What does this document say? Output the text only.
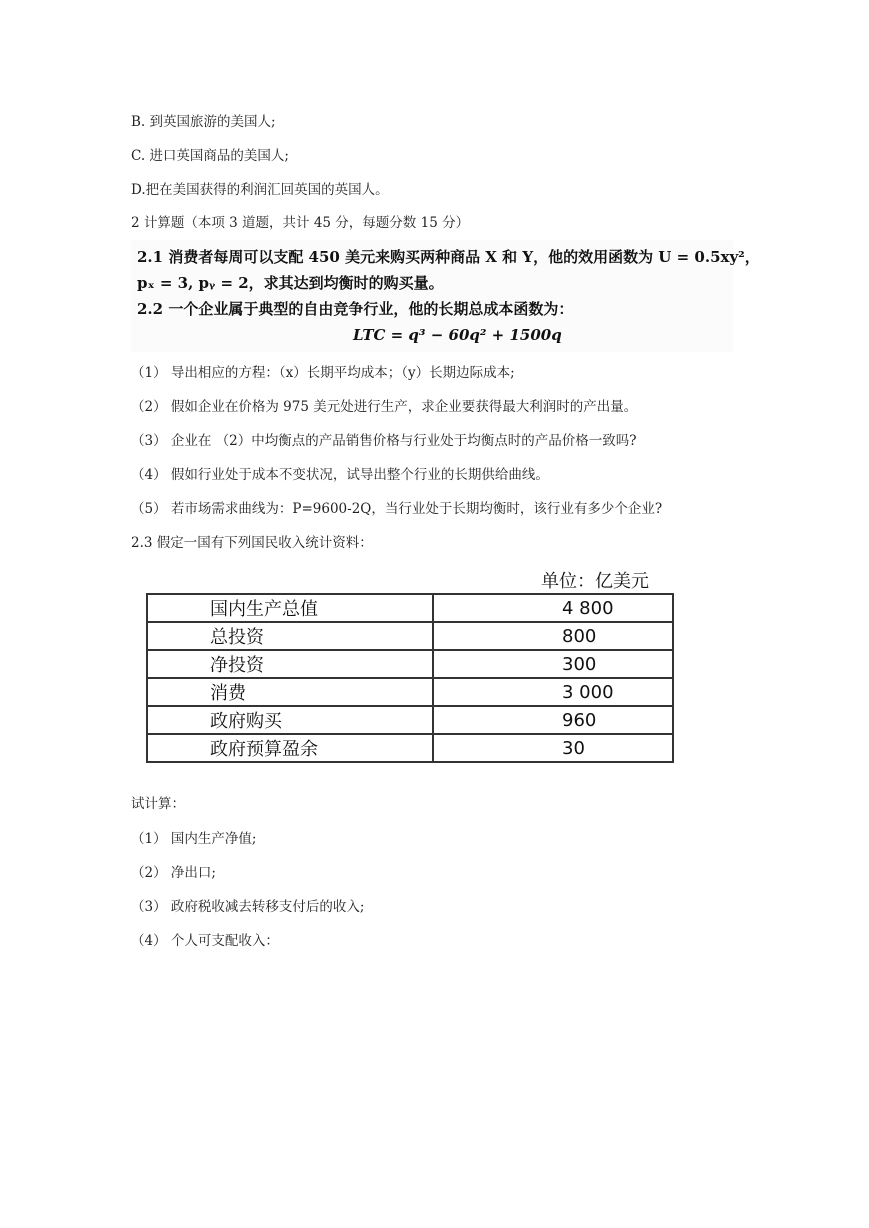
B. 到英国旅游的美国人;
C. 进口英国商品的美国人;
D.把在美国获得的利润汇回英国的英国人。
2 计算题（本项 3 道题，共计 45 分，每题分数 15 分）
2.1 消费者每周可以支配 450 美元来购买两种商品 X 和 Y，他的效用函数为 U = 0.5xy²，
pₓ = 3, pᵧ = 2，求其达到均衡时的购买量。
2.2 一个企业属于典型的自由竞争行业，他的长期总成本函数为：
LTC = q³ − 60q² + 1500q
（1） 导出相应的方程：（x）长期平均成本；（y）长期边际成本;
（2） 假如企业在价格为 975 美元处进行生产，求企业要获得最大利润时的产出量。
（3） 企业在 （2）中均衡点的产品销售价格与行业处于均衡点时的产品价格一致吗?
（4） 假如行业处于成本不变状况，试导出整个行业的长期供给曲线。
（5） 若市场需求曲线为：P=9600-2Q，当行业处于长期均衡时，该行业有多少个企业?
2.3 假定一国有下列国民收入统计资料：
单位：亿美元
国内生产总值	4 800
总投资	800
净投资	300
消费	3 000
政府购买	960
政府预算盈余	30
试计算：
（1） 国内生产净值;
（2） 净出口;
（3） 政府税收减去转移支付后的收入;
（4） 个人可支配收入：
